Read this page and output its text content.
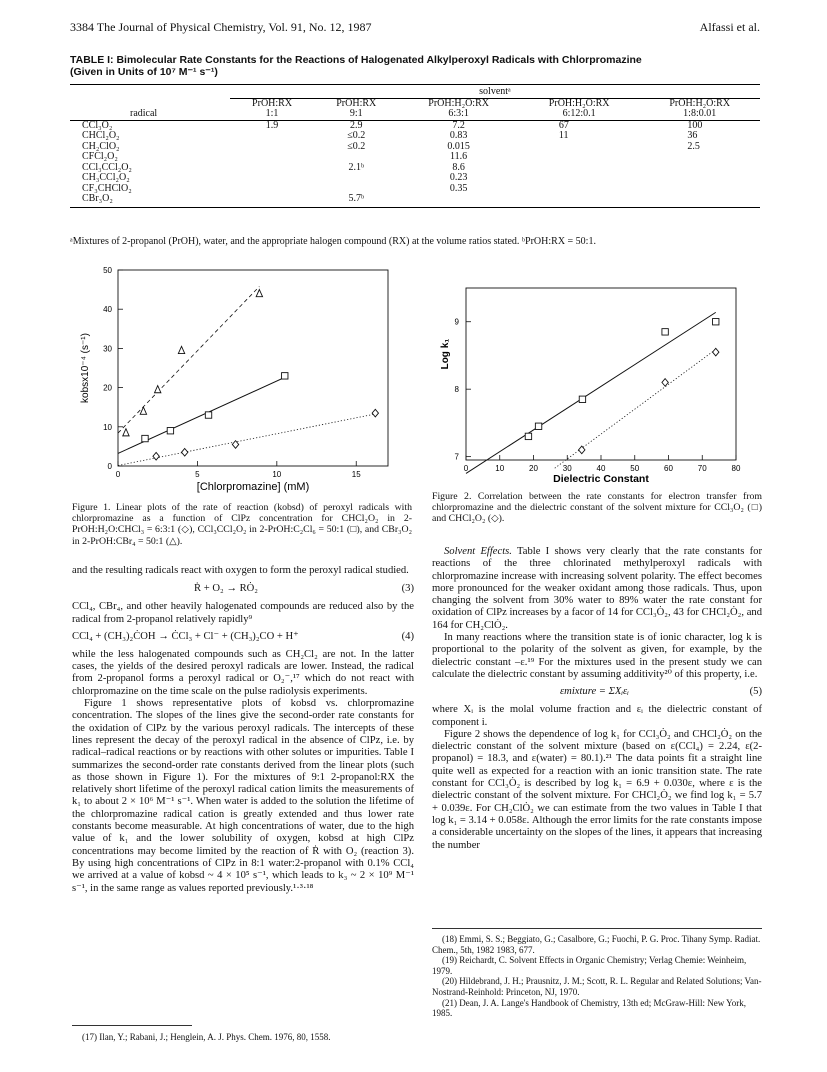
3384 The Journal of Physical Chemistry, Vol. 91, No. 12, 1987	Alfassi et al.
TABLE I: Bimolecular Rate Constants for the Reactions of Halogenated Alkylperoxyl Radicals with Chlorpromazine
(Given in Units of 10⁷ M⁻¹ s⁻¹)

	solventᵃ				
	PrOH:RX	PrOH:RX	PrOH:H₂O:RX	PrOH:H₂O:RX	PrOH:H₂O:RX
radical	1:1	9:1	6:3:1	6:12:0.1	1:8:0.01
CCl₃O₂	1.9	2.9	7.2	67	100
CHCl₂O₂		≤0.2	0.83	11	36
CH₂ClO₂		≤0.2	0.015		2.5
CFCl₂O₂			11.6		
CCl₃CCl₂O₂		2.1ᵇ	8.6		
CH₃CCl₂O₂			0.23		
CF₃CHClO₂			0.35		
CBr₃O₂		5.7ᵇ			

ᵃMixtures of 2-propanol (PrOH), water, and the appropriate halogen compound (RX) at the volume ratios stated. ᵇPrOH:RX = 50:1.
0
10
20
30
40
50
0	5	10	15
[Chlorpromazine] (mM)
kobsx10⁻⁴ (s⁻¹)
Figure 1. Linear plots of the rate of reaction (kobsd) of peroxyl radicals with chlorpromazine as a function of ClPz concentration for CHCl₂O₂ in 2-PrOH:H₂O:CHCl₃ = 6:3:1 (◇), CCl₃CCl₂O₂ in 2-PrOH:C₂Cl₆ = 50:1 (□), and CBr₃O₂ in 2-PrOH:CBr₄ = 50:1 (△).
7
8
9
0	10	20	30	40	50	60	70	80
Dielectric Constant
Log k₁
Figure 2. Correlation between the rate constants for electron transfer from chlorpromazine and the dielectric constant of the solvent mixture for CCl₃O₂ (□) and CHCl₂O₂ (◇).

and the resulting radicals react with oxygen to form the peroxyl radical studied.

Ṙ + O₂ → RȮ₂	(3)

CCl₄, CBr₄, and other heavily halogenated compounds are reduced also by the radical from 2-propanol relatively rapidly⁹

CCl₄ + (CH₃)₂ĊOH → ĊCl₃ + Cl⁻ + (CH₃)₂CO + H⁺	(4)

while the less halogenated compounds such as CH₂Cl₂ are not. In the latter cases, the yields of the desired peroxyl radicals are lower. Instead, the radical from 2-propanol forms a peroxyl radical or O₂⁻,¹⁷ which do not react with chlorpromazine on the time scale on the pulse radiolysis experiments.

Figure 1 shows representative plots of kobsd vs. chlorpromazine concentration. The slopes of the lines give the second-order rate constants for the oxidation of ClPz by the various peroxyl radicals. The intercepts of these lines represent the decay of the peroxyl radical in the absence of ClPz, i.e. by radical–radical reactions or by reactions with other solutes or impurities. Table I summarizes the second-order rate constants derived from the linear plots (such as those shown in Figure 1). For the mixtures of 9:1 2-propanol:RX the relatively short lifetime of the peroxyl radical cation limits the measurements of k₁ to about 2 × 10⁶ M⁻¹ s⁻¹. When water is added to the solution the lifetime of the chlorpromazine radical cation is greatly extended and thus lower rate constants become measurable. At high concentrations of water, due to the high value of k₁ and the lower solubility of oxygen, kobsd at high ClPz concentrations may become limited by the reaction of Ṙ with O₂ (reaction 3). By using high concentrations of ClPz in 8:1 water:2-propanol with 0.1% CCl₄ we arrived at a value of kobsd ~ 4 × 10⁵ s⁻¹, which leads to k₃ ~ 2 × 10⁹ M⁻¹ s⁻¹, in the same range as values reported previously.¹·³·¹⁸

(17) Ilan, Y.; Rabani, J.; Henglein, A. J. Phys. Chem. 1976, 80, 1558.

Solvent Effects. Table I shows very clearly that the rate constants for reactions of the three chlorinated methylperoxyl radicals with chlorpromazine increase with increasing solvent polarity. The effect becomes more pronounced for the weaker oxidant among those radicals. Thus, upon changing the solvent from 30% water to 89% water the rate constant for oxidation of ClPz increases by a facor of 14 for CCl₃Ȯ₂, 43 for CHCl₂Ȯ₂, and 164 for CH₂ClȮ₂.

In many reactions where the transition state is of ionic character, log k is proportional to the polarity of the solvent as given, for example, by the dielectric constant –ε.¹⁹ For the mixtures used in the present study we can calculate the dielectric constant by assuming additivity²⁰ of this property, i.e.

εmixture = ΣXᵢεᵢ	(5)

where Xᵢ is the molal volume fraction and εᵢ the dielectric constant of component i.

Figure 2 shows the dependence of log k₁ for CCl₃Ȯ₂ and CHCl₂Ȯ₂ on the dielectric constant of the solvent mixture (based on ε(CCl₄) = 2.24, ε(2-propanol) = 18.3, and ε(water) = 80.1).²¹ The data points fit a straight line quite well as expected for a reaction with an ionic transition state. The rate constant for CCl₃Ȯ₂ is described by log k₁ = 6.9 + 0.030ε, where ε is the dielectric constant of the solvent mixture. For CHCl₂Ȯ₂ we find log k₁ = 5.7 + 0.039ε. For CH₂ClȮ₂ we can estimate from the two values in Table I that log k₁ = 3.14 + 0.058ε. Although the error limits for the rate constants impose a considerable uncertainty on the slopes of the lines, it appears that increasing the number

(18) Emmi, S. S.; Beggiato, G.; Casalbore, G.; Fuochi, P. G. Proc. Tihany Symp. Radiat. Chem., 5th, 1982 1983, 677.
(19) Reichardt, C. Solvent Effects in Organic Chemistry; Verlag Chemie: Weinheim, 1979.
(20) Hildebrand, J. H.; Prausnitz, J. M.; Scott, R. L. Regular and Related Solutions; Van-Nostrand-Reinhold: Princeton, NJ, 1970.
(21) Dean, J. A. Lange's Handbook of Chemistry, 13th ed; McGraw-Hill: New York, 1985.
